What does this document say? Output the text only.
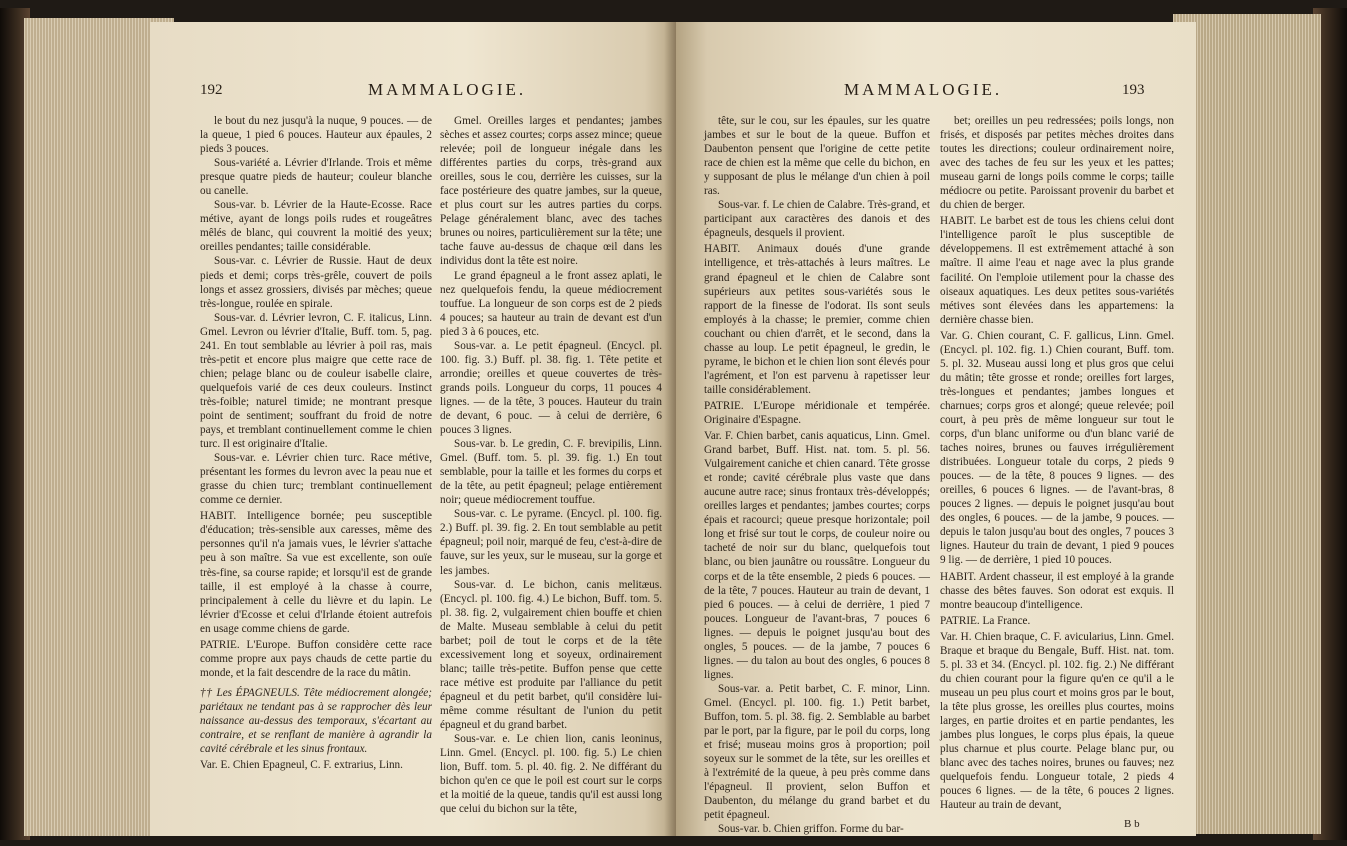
192	MAMMALOGIE.

le bout du nez jusqu'à la nuque, 9 pouces. — de la queue, 1 pied 6 pouces. Hauteur aux épaules, 2 pieds 3 pouces.

Sous-variété a. Lévrier d'Irlande. Trois et même presque quatre pieds de hauteur; couleur blanche ou canelle.

Sous-var. b. Lévrier de la Haute-Ecosse. Race métive, ayant de longs poils rudes et rougeâtres mêlés de blanc, qui couvrent la moitié des yeux; oreilles pendantes; taille considérable.

Sous-var. c. Lévrier de Russie. Haut de deux pieds et demi; corps très-grêle, couvert de poils longs et assez grossiers, divisés par mèches; queue très-longue, roulée en spirale.

Sous-var. d. Lévrier levron, C. F. italicus, Linn. Gmel. Levron ou lévrier d'Italie, Buff. tom. 5, pag. 241. En tout semblable au lévrier à poil ras, mais très-petit et encore plus maigre que cette race de chien; pelage blanc ou de couleur isabelle claire, quelquefois varié de ces deux couleurs. Instinct très-foible; naturel timide; ne montrant presque point de sentiment; souffrant du froid de notre pays, et tremblant continuellement comme le chien turc. Il est originaire d'Italie.

Sous-var. e. Lévrier chien turc. Race métive, présentant les formes du levron avec la peau nue et grasse du chien turc; tremblant continuellement comme ce dernier.

HABIT. Intelligence bornée; peu susceptible d'éducation; très-sensible aux caresses, même des personnes qu'il n'a jamais vues, le lévrier s'attache peu à son maître. Sa vue est excellente, son ouïe très-fine, sa course rapide; et lorsqu'il est de grande taille, il est employé à la chasse à courre, principalement à celle du lièvre et du lapin. Le lévrier d'Ecosse et celui d'Irlande étoient autrefois en usage comme chiens de garde.

PATRIE. L'Europe. Buffon considère cette race comme propre aux pays chauds de cette partie du monde, et la fait descendre de la race du mâtin.

†† Les ÉPAGNEULS. Tête médiocrement alongée; pariétaux ne tendant pas à se rapprocher dès leur naissance au-dessus des temporaux, s'écartant au contraire, et se renflant de manière à agrandir la cavité cérébrale et les sinus frontaux.

Var. E. Chien Epagneul, C. F. extrarius, Linn.

Gmel. Oreilles larges et pendantes; jambes sèches et assez courtes; corps assez mince; queue relevée; poil de longueur inégale dans les différentes parties du corps, très-grand aux oreilles, sous le cou, derrière les cuisses, sur la face postérieure des quatre jambes, sur la queue, et plus court sur les autres parties du corps. Pelage généralement blanc, avec des taches brunes ou noires, particulièrement sur la tête; une tache fauve au-dessus de chaque œil dans les individus dont la tête est noire.

Le grand épagneul a le front assez aplati, le nez quelquefois fendu, la queue médiocrement touffue. La longueur de son corps est de 2 pieds 4 pouces; sa hauteur au train de devant est d'un pied 3 à 6 pouces, etc.

Sous-var. a. Le petit épagneul. (Encycl. pl. 100. fig. 3.) Buff. pl. 38. fig. 1. Tête petite et arrondie; oreilles et queue couvertes de très-grands poils. Longueur du corps, 11 pouces 4 lignes. — de la tête, 3 pouces. Hauteur du train de devant, 6 pouc. — à celui de derrière, 6 pouces 3 lignes.

Sous-var. b. Le gredin, C. F. brevipilis, Linn. Gmel. (Buff. tom. 5. pl. 39. fig. 1.) En tout semblable, pour la taille et les formes du corps et de la tête, au petit épagneul; pelage entièrement noir; queue médiocrement touffue.

Sous-var. c. Le pyrame. (Encycl. pl. 100. fig. 2.) Buff. pl. 39. fig. 2. En tout semblable au petit épagneul; poil noir, marqué de feu, c'est-à-dire de fauve, sur les yeux, sur le museau, sur la gorge et les jambes.

Sous-var. d. Le bichon, canis melitæus. (Encycl. pl. 100. fig. 4.) Le bichon, Buff. tom. 5. pl. 38. fig. 2, vulgairement chien bouffe et chien de Malte. Museau semblable à celui du petit barbet; poil de tout le corps et de la tête excessivement long et soyeux, ordinairement blanc; taille très-petite. Buffon pense que cette race métive est produite par l'alliance du petit épagneul et du petit barbet, qu'il considère lui-même comme résultant de l'union du petit épagneul et du grand barbet.

Sous-var. e. Le chien lion, canis leoninus, Linn. Gmel. (Encycl. pl. 100. fig. 5.) Le chien lion, Buff. tom. 5. pl. 40. fig. 2. Ne différant du bichon qu'en ce que le poil est court sur le corps et la moitié de la queue, tandis qu'il est aussi long que celui du bichon sur la tête,

MAMMALOGIE.	193

tête, sur le cou, sur les épaules, sur les quatre jambes et sur le bout de la queue. Buffon et Daubenton pensent que l'origine de cette petite race de chien est la même que celle du bichon, en y supposant de plus le mélange d'un chien à poil ras.

Sous-var. f. Le chien de Calabre. Très-grand, et participant aux caractères des danois et des épagneuls, desquels il provient.

HABIT. Animaux doués d'une grande intelligence, et très-attachés à leurs maîtres. Le grand épagneul et le chien de Calabre sont supérieurs aux petites sous-variétés sous le rapport de la finesse de l'odorat. Ils sont seuls employés à la chasse; le premier, comme chien couchant ou chien d'arrêt, et le second, dans la chasse au loup. Le petit épagneul, le gredin, le pyrame, le bichon et le chien lion sont élevés pour l'agrément, et l'on est parvenu à rapetisser leur taille considérablement.

PATRIE. L'Europe méridionale et tempérée. Originaire d'Espagne.

Var. F. Chien barbet, canis aquaticus, Linn. Gmel. Grand barbet, Buff. Hist. nat. tom. 5. pl. 56. Vulgairement caniche et chien canard. Tête grosse et ronde; cavité cérébrale plus vaste que dans aucune autre race; sinus frontaux très-développés; oreilles larges et pendantes; jambes courtes; corps épais et racourci; queue presque horizontale; poil long et frisé sur tout le corps, de couleur noire ou tacheté de noir sur du blanc, quelquefois tout blanc, ou bien jaunâtre ou roussâtre. Longueur du corps et de la tête ensemble, 2 pieds 6 pouces. — de la tête, 7 pouces. Hauteur au train de devant, 1 pied 6 pouces. — à celui de derrière, 1 pied 7 pouces. Longueur de l'avant-bras, 7 pouces 6 lignes. — depuis le poignet jusqu'au bout des ongles, 5 pouces. — de la jambe, 7 pouces 6 lignes. — du talon au bout des ongles, 6 pouces 8 lignes.

Sous-var. a. Petit barbet, C. F. minor, Linn. Gmel. (Encycl. pl. 100. fig. 1.) Petit barbet, Buffon, tom. 5. pl. 38. fig. 2. Semblable au barbet par le port, par la figure, par le poil du corps, long et frisé; museau moins gros à proportion; poil soyeux sur le sommet de la tête, sur les oreilles et à l'extrémité de la queue, à peu près comme dans l'épagneul. Il provient, selon Buffon et Daubenton, du mélange du grand barbet et du petit épagneul.

Sous-var. b. Chien griffon. Forme du bar-

bet; oreilles un peu redressées; poils longs, non frisés, et disposés par petites mèches droites dans toutes les directions; couleur ordinairement noire, avec des taches de feu sur les yeux et les pattes; museau garni de longs poils comme le corps; taille médiocre ou petite. Paroissant provenir du barbet et du chien de berger.

HABIT. Le barbet est de tous les chiens celui dont l'intelligence paroît le plus susceptible de développemens. Il est extrêmement attaché à son maître. Il aime l'eau et nage avec la plus grande facilité. On l'emploie utilement pour la chasse des oiseaux aquatiques. Les deux petites sous-variétés métives sont élevées dans les appartemens: la dernière chasse bien.

Var. G. Chien courant, C. F. gallicus, Linn. Gmel. (Encycl. pl. 102. fig. 1.) Chien courant, Buff. tom. 5. pl. 32. Museau aussi long et plus gros que celui du mâtin; tête grosse et ronde; oreilles fort larges, très-longues et pendantes; jambes longues et charnues; corps gros et alongé; queue relevée; poil court, à peu près de même longueur sur tout le corps, d'un blanc uniforme ou d'un blanc varié de taches noires, brunes ou fauves irrégulièrement distribuées. Longueur totale du corps, 2 pieds 9 pouces. — de la tête, 8 pouces 9 lignes. — des oreilles, 6 pouces 6 lignes. — de l'avant-bras, 8 pouces 2 lignes. — depuis le poignet jusqu'au bout des ongles, 6 pouces. — de la jambe, 9 pouces. — depuis le talon jusqu'au bout des ongles, 7 pouces 3 lignes. Hauteur du train de devant, 1 pied 9 pouces 9 lig. — de derrière, 1 pied 10 pouces.

HABIT. Ardent chasseur, il est employé à la grande chasse des bêtes fauves. Son odorat est exquis. Il montre beaucoup d'intelligence.

PATRIE. La France.

Var. H. Chien braque, C. F. avicularius, Linn. Gmel. Braque et braque du Bengale, Buff. Hist. nat. tom. 5. pl. 33 et 34. (Encycl. pl. 102. fig. 2.) Ne différant du chien courant pour la figure qu'en ce qu'il a le museau un peu plus court et moins gros par le bout, la tête plus grosse, les oreilles plus courtes, moins larges, en partie droites et en partie pendantes, les jambes plus longues, le corps plus épais, la queue plus charnue et plus courte. Pelage blanc pur, ou blanc avec des taches noires, brunes ou fauves; nez quelquefois fendu. Longueur totale, 2 pieds 4 pouces 6 lignes. — de la tête, 6 pouces 2 lignes. Hauteur au train de devant,

B b
